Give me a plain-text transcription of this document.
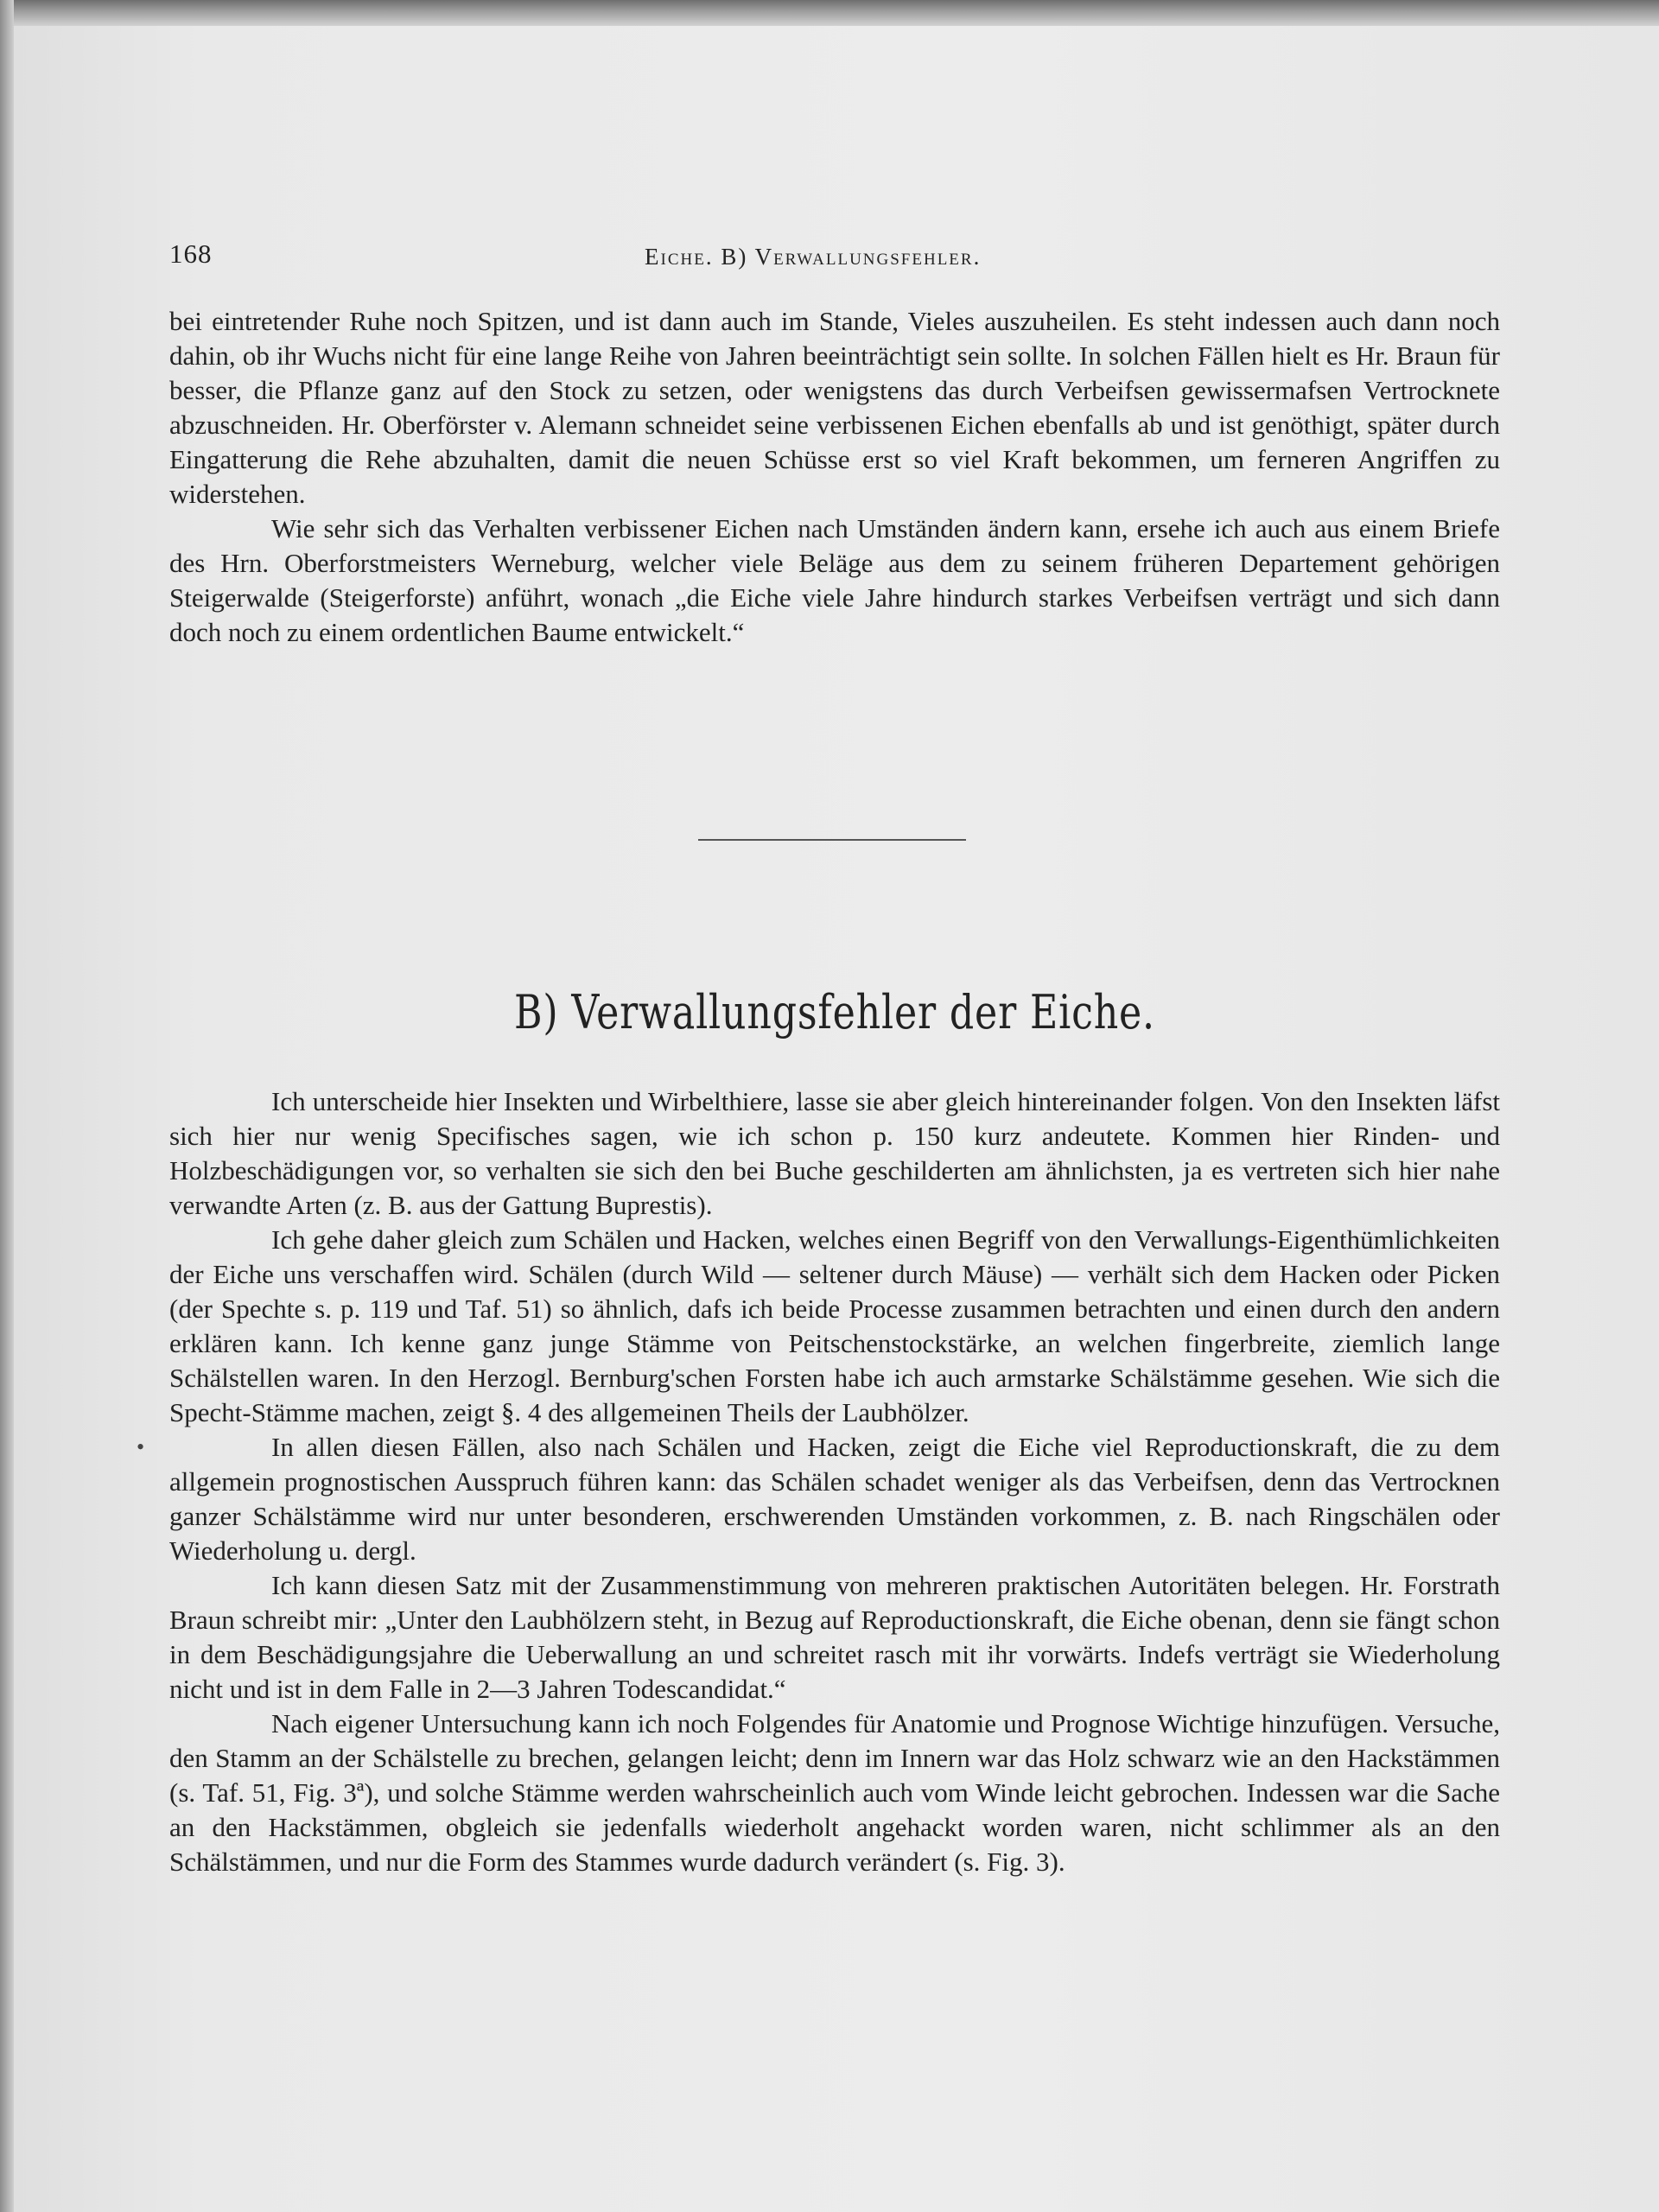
168	Eiche. B) Verwallungsfehler.

bei eintretender Ruhe noch Spitzen, und ist dann auch im Stande, Vieles auszuheilen. Es steht indessen auch dann noch dahin, ob ihr Wuchs nicht für eine lange Reihe von Jahren beeinträchtigt sein sollte. In solchen Fällen hielt es Hr. Braun für besser, die Pflanze ganz auf den Stock zu setzen, oder wenigstens das durch Verbeifsen gewissermafsen Vertrocknete abzuschneiden. Hr. Oberförster v. Alemann schneidet seine verbissenen Eichen ebenfalls ab und ist genöthigt, später durch Eingatterung die Rehe abzuhalten, damit die neuen Schüsse erst so viel Kraft bekommen, um ferneren Angriffen zu widerstehen.

Wie sehr sich das Verhalten verbissener Eichen nach Umständen ändern kann, ersehe ich auch aus einem Briefe des Hrn. Oberforstmeisters Werneburg, welcher viele Beläge aus dem zu seinem früheren Departement gehörigen Steigerwalde (Steigerforste) anführt, wonach „die Eiche viele Jahre hindurch starkes Verbeifsen verträgt und sich dann doch noch zu einem ordentlichen Baume entwickelt.“

B) Verwallungsfehler der Eiche.

Ich unterscheide hier Insekten und Wirbelthiere, lasse sie aber gleich hintereinander folgen. Von den Insekten läfst sich hier nur wenig Specifisches sagen, wie ich schon p. 150 kurz andeutete. Kommen hier Rinden- und Holzbeschädigungen vor, so verhalten sie sich den bei Buche geschilderten am ähnlichsten, ja es vertreten sich hier nahe verwandte Arten (z. B. aus der Gattung Buprestis).

Ich gehe daher gleich zum Schälen und Hacken, welches einen Begriff von den Verwallungs-Eigenthümlichkeiten der Eiche uns verschaffen wird. Schälen (durch Wild — seltener durch Mäuse) — verhält sich dem Hacken oder Picken (der Spechte s. p. 119 und Taf. 51) so ähnlich, dafs ich beide Processe zusammen betrachten und einen durch den andern erklären kann. Ich kenne ganz junge Stämme von Peitschenstockstärke, an welchen fingerbreite, ziemlich lange Schälstellen waren. In den Herzogl. Bernburg'schen Forsten habe ich auch armstarke Schälstämme gesehen. Wie sich die Specht-Stämme machen, zeigt §. 4 des allgemeinen Theils der Laubhölzer.

In allen diesen Fällen, also nach Schälen und Hacken, zeigt die Eiche viel Reproductionskraft, die zu dem allgemein prognostischen Ausspruch führen kann: das Schälen schadet weniger als das Verbeifsen, denn das Vertrocknen ganzer Schälstämme wird nur unter besonderen, erschwerenden Umständen vorkommen, z. B. nach Ringschälen oder Wiederholung u. dergl.

Ich kann diesen Satz mit der Zusammenstimmung von mehreren praktischen Autoritäten belegen. Hr. Forstrath Braun schreibt mir: „Unter den Laubhölzern steht, in Bezug auf Reproductionskraft, die Eiche obenan, denn sie fängt schon in dem Beschädigungsjahre die Ueberwallung an und schreitet rasch mit ihr vorwärts. Indefs verträgt sie Wiederholung nicht und ist in dem Falle in 2—3 Jahren Todescandidat.“

Nach eigener Untersuchung kann ich noch Folgendes für Anatomie und Prognose Wichtige hinzufügen. Versuche, den Stamm an der Schälstelle zu brechen, gelangen leicht; denn im Innern war das Holz schwarz wie an den Hackstämmen (s. Taf. 51, Fig. 3ª), und solche Stämme werden wahrscheinlich auch vom Winde leicht gebrochen. Indessen war die Sache an den Hackstämmen, obgleich sie jedenfalls wiederholt angehackt worden waren, nicht schlimmer als an den Schälstämmen, und nur die Form des Stammes wurde dadurch verändert (s. Fig. 3).

•
